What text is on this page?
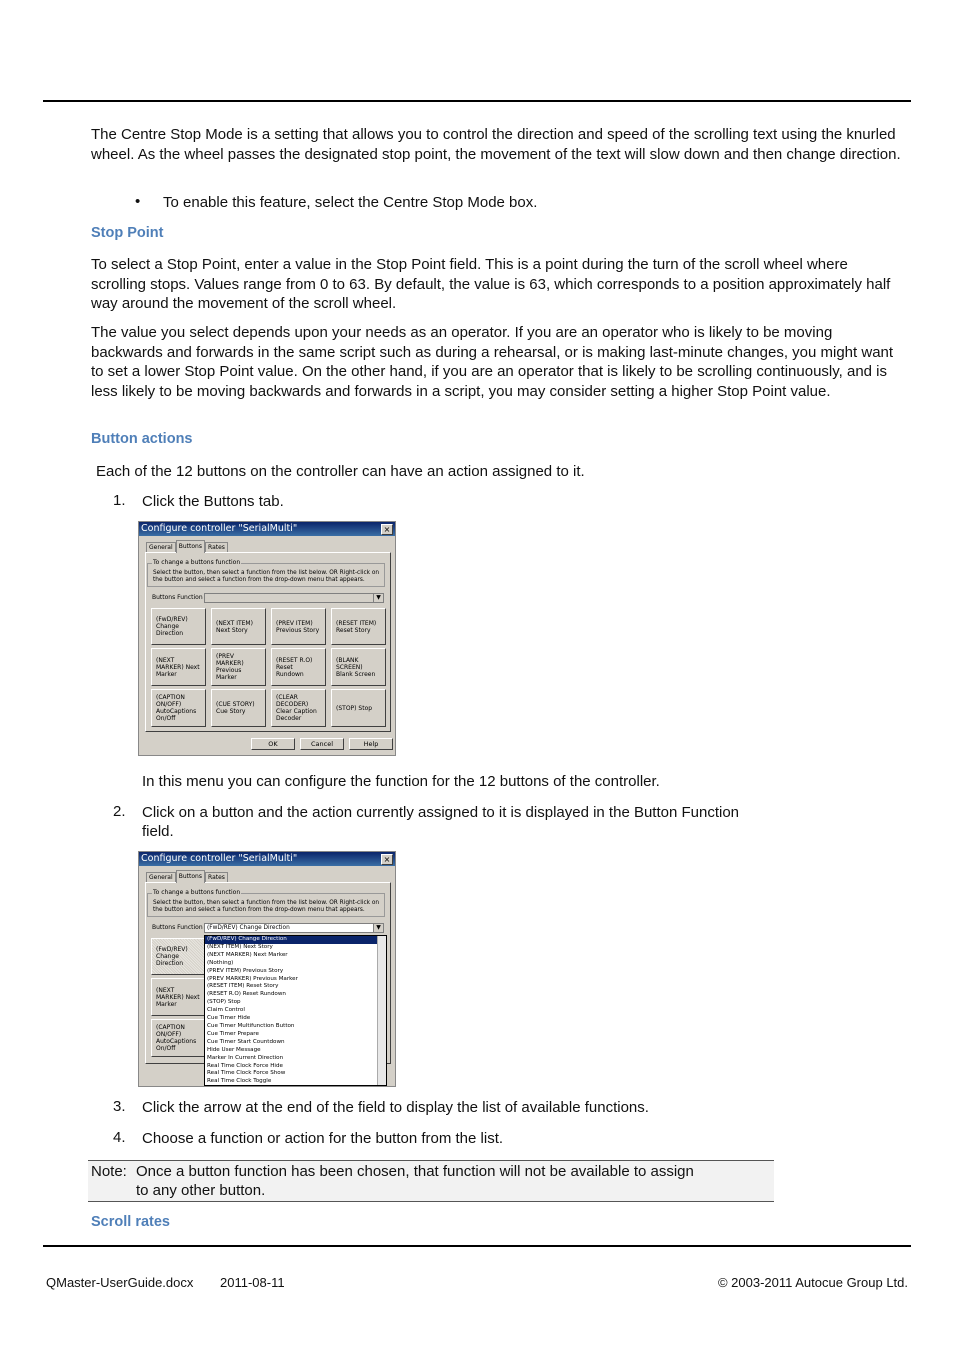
The Centre Stop Mode is a setting that allows you to control the direction and speed of the scrolling text using the knurled wheel. As the wheel passes the designated stop point, the movement of the text will slow down and then change direction.
• To enable this feature, select the Centre Stop Mode box.
Stop Point
To select a Stop Point, enter a value in the Stop Point field. This is a point during the turn of the scroll wheel where scrolling stops. Values range from 0 to 63. By default, the value is 63, which corresponds to a position approximately half way around the movement of the scroll wheel.
The value you select depends upon your needs as an operator. If you are an operator who is likely to be moving backwards and forwards in the same script such as during a rehearsal, or is making last-minute changes, you might want to set a lower Stop Point value. On the other hand, if you are an operator that is likely to be scrolling continuously, and is less likely to be moving backwards and forwards in a script, you may consider setting a higher Stop Point value.
Button actions
Each of the 12 buttons on the controller can have an action assigned to it.
1. Click the Buttons tab.
Configure controller "SerialMulti"	×
General Buttons Rates
To change a buttons function
Select the button, then select a function from the list below. OR Right-click on the button and select a function from the drop-down menu that appears.
Buttons Function	▼
(FwD/REV) Change Direction
(NEXT ITEM) Next Story
(PREV ITEM) Previous Story
(RESET ITEM) Reset Story
(NEXT MARKER) Next Marker
(PREV MARKER) Previous Marker
(RESET R.O) Reset Rundown
(BLANK SCREEN) Blank Screen
(CAPTION ON/OFF) AutoCaptions On/Off
(CUE STORY) Cue Story
(CLEAR DECODER) Clear Caption Decoder
(STOP) Stop
OK	Cancel	Help
In this menu you can configure the function for the 12 buttons of the controller.
2. Click on a button and the action currently assigned to it is displayed in the Button Function field.
Configure controller "SerialMulti"	×
General Buttons Rates
To change a buttons function
Select the button, then select a function from the list below. OR Right-click on the button and select a function from the drop-down menu that appears.
Buttons Function (FwD/REV) Change Direction	▼
(FwD/REV) Change Direction
(NEXT MARKER) Next Marker
(CAPTION ON/OFF) AutoCaptions On/Off
(FwD/REV) Change Direction
(NEXT ITEM) Next Story
(NEXT MARKER) Next Marker
(Nothing)
(PREV ITEM) Previous Story
(PREV MARKER) Previous Marker
(RESET ITEM) Reset Story
(RESET R.O) Reset Rundown
(STOP) Stop
Claim Control
Cue Timer Hide
Cue Timer Multifunction Button
Cue Timer Prepare
Cue Timer Start Countdown
Hide User Message
Marker In Current Direction
Real Time Clock Force Hide
Real Time Clock Force Show
Real Time Clock Toggle
3. Click the arrow at the end of the field to display the list of available functions.
4. Choose a function or action for the button from the list.
Note: Once a button function has been chosen, that function will not be available to assign
to any other button.
Scroll rates
QMaster-UserGuide.docx 2011-08-11	© 2003-2011 Autocue Group Ltd.
